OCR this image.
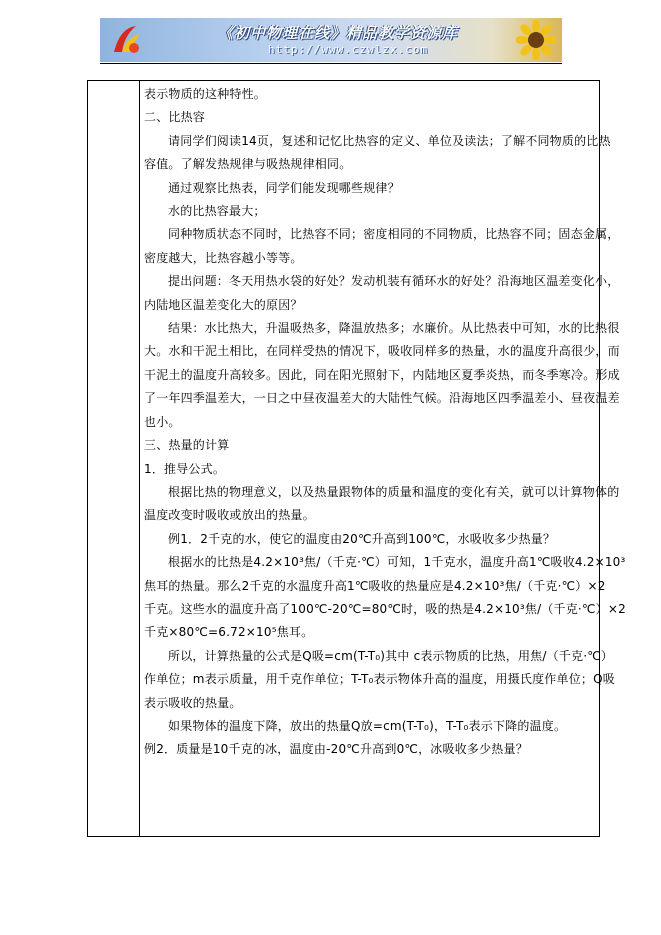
《初中物理在线》精品教学资源库
http://www.czwlzx.com

表示物质的这种特性。

二、比热容

请同学们阅读14页，复述和记忆比热容的定义、单位及读法；了解不同物质的比热

容值。了解发热规律与吸热规律相同。

通过观察比热表，同学们能发现哪些规律？

水的比热容最大；

同种物质状态不同时，比热容不同；密度相同的不同物质，比热容不同；固态金属，

密度越大，比热容越小等等。

提出问题：冬天用热水袋的好处？发动机装有循环水的好处？沿海地区温差变化小，

内陆地区温差变化大的原因？

结果：水比热大，升温吸热多，降温放热多；水廉价。从比热表中可知，水的比热很

大。水和干泥土相比，在同样受热的情况下，吸收同样多的热量，水的温度升高很少，而

干泥土的温度升高较多。因此，同在阳光照射下，内陆地区夏季炎热，而冬季寒冷。形成

了一年四季温差大，一日之中昼夜温差大的大陆性气候。沿海地区四季温差小、昼夜温差

也小。

三、热量的计算

1．推导公式。

根据比热的物理意义，以及热量跟物体的质量和温度的变化有关，就可以计算物体的

温度改变时吸收或放出的热量。

例1．2千克的水，使它的温度由20℃升高到100℃，水吸收多少热量？

根据水的比热是4.2×10³焦/（千克·℃）可知，1千克水，温度升高1℃吸收4.2×10³

焦耳的热量。那么2千克的水温度升高1℃吸收的热量应是4.2×10³焦/（千克·℃）×2

千克。这些水的温度升高了100℃-20℃=80℃时，吸的热是4.2×10³焦/（千克·℃）×2

千克×80℃=6.72×10⁵焦耳。

所以，计算热量的公式是Q吸=cm(T-T₀)其中 c表示物质的比热，用焦/（千克·℃）

作单位；m表示质量，用千克作单位；T-T₀表示物体升高的温度，用摄氏度作单位；Q吸

表示吸收的热量。

如果物体的温度下降，放出的热量Q放=cm(T-T₀)，T-T₀表示下降的温度。

例2．质量是10千克的冰，温度由-20℃升高到0℃，冰吸收多少热量？
